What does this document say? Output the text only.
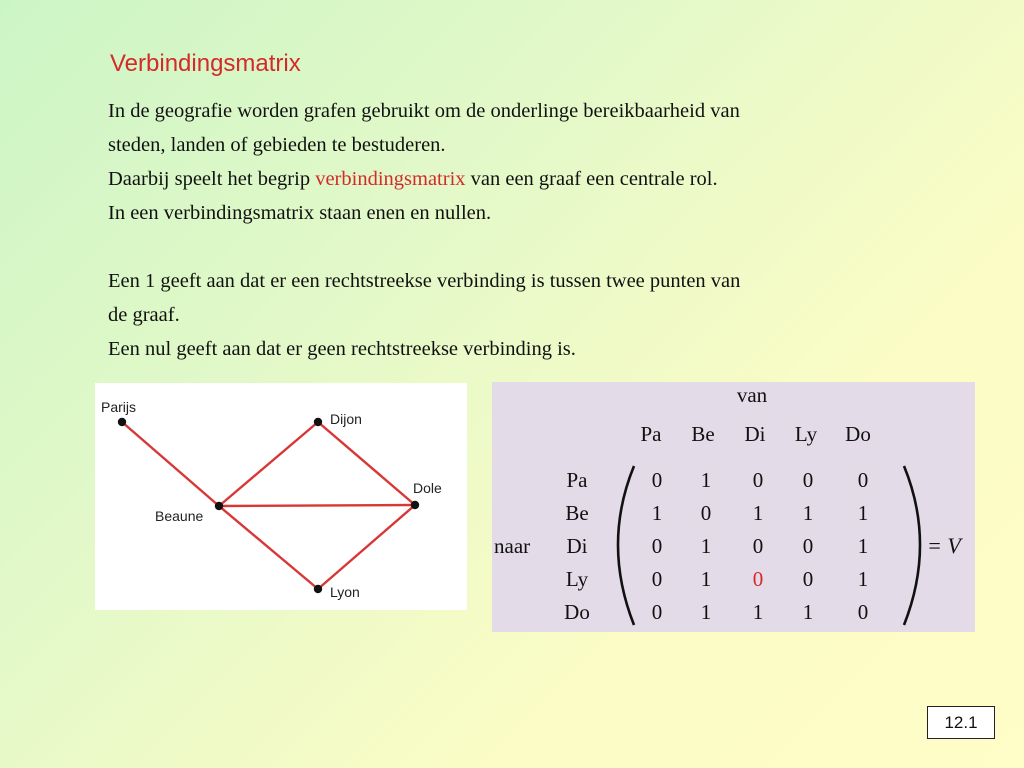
Verbindingsmatrix

In de geografie worden grafen gebruikt om de onderlinge bereikbaarheid van

steden, landen of gebieden te bestuderen.

Daarbij speelt het begrip verbindingsmatrix van een graaf een centrale rol.

In een verbindingsmatrix staan enen en nullen.

Een 1 geeft aan dat er een rechtstreekse verbinding is tussen twee punten van

de graaf.

Een nul geeft aan dat er geen rechtstreekse verbinding is.

Parijs
Dijon
Beaune
Dole
Lyon
van
naar
Pa Be Di Ly Do
Pa
Be
Di
Ly
Do
0 1 0 0 0
1 0 1 1 1
0 1 0 0 1
0 1 0 0 1
0 1 1 1 0
= V
12.1
